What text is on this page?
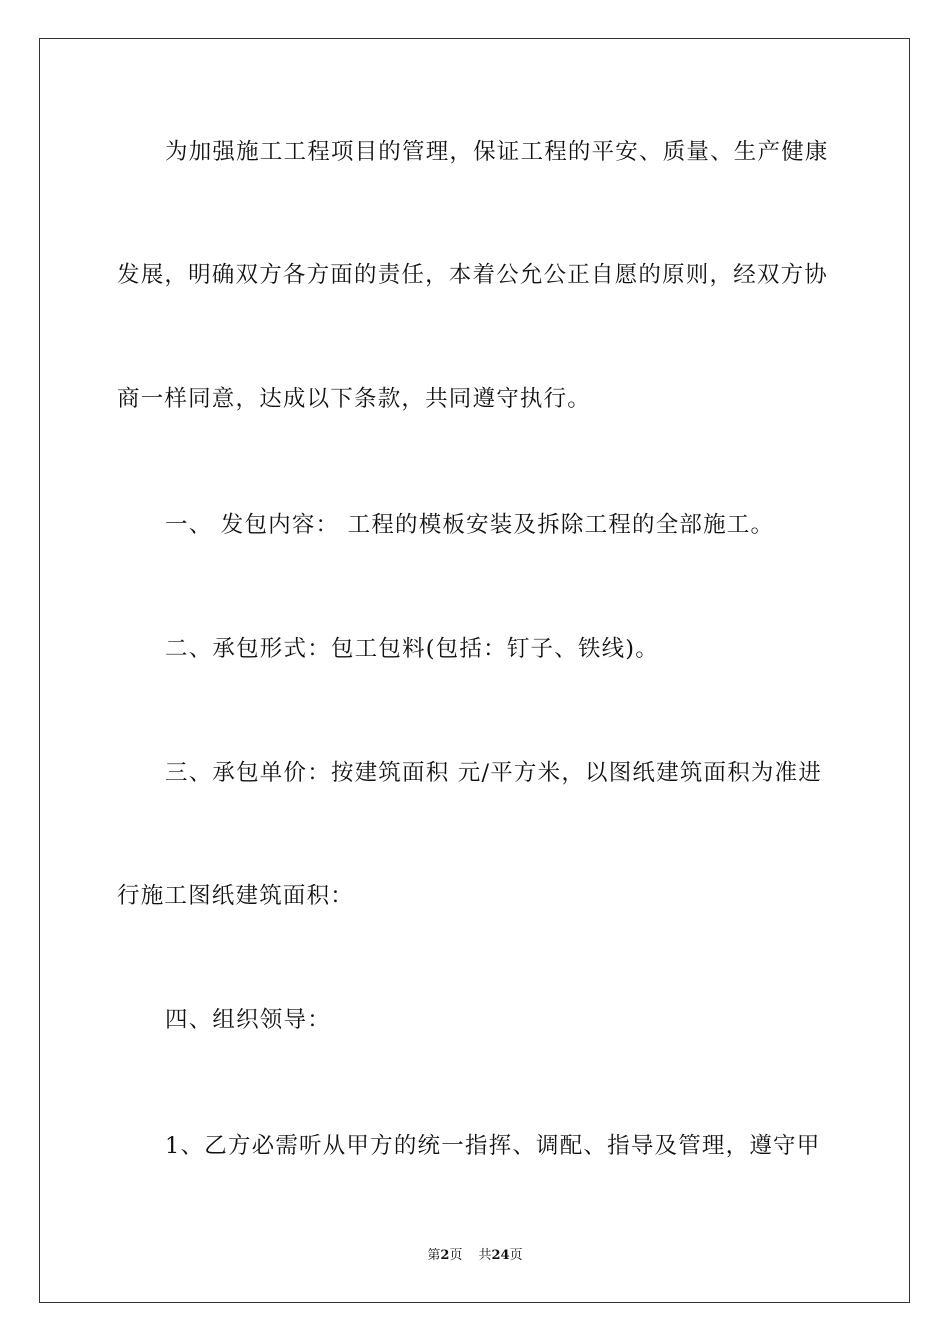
为加强施工工程项目的管理，保证工程的平安、质量、生产健康
发展，明确双方各方面的责任，本着公允公正自愿的原则，经双方协
商一样同意，达成以下条款，共同遵守执行。
一、 发包内容： 工程的模板安装及拆除工程的全部施工。
二、承包形式：包工包料(包括：钉子、铁线)。
三、承包单价：按建筑面积 元/平方米，以图纸建筑面积为准进
行施工图纸建筑面积：
四、组织领导：
1、乙方必需听从甲方的统一指挥、调配、指导及管理，遵守甲
第2页 共24页
